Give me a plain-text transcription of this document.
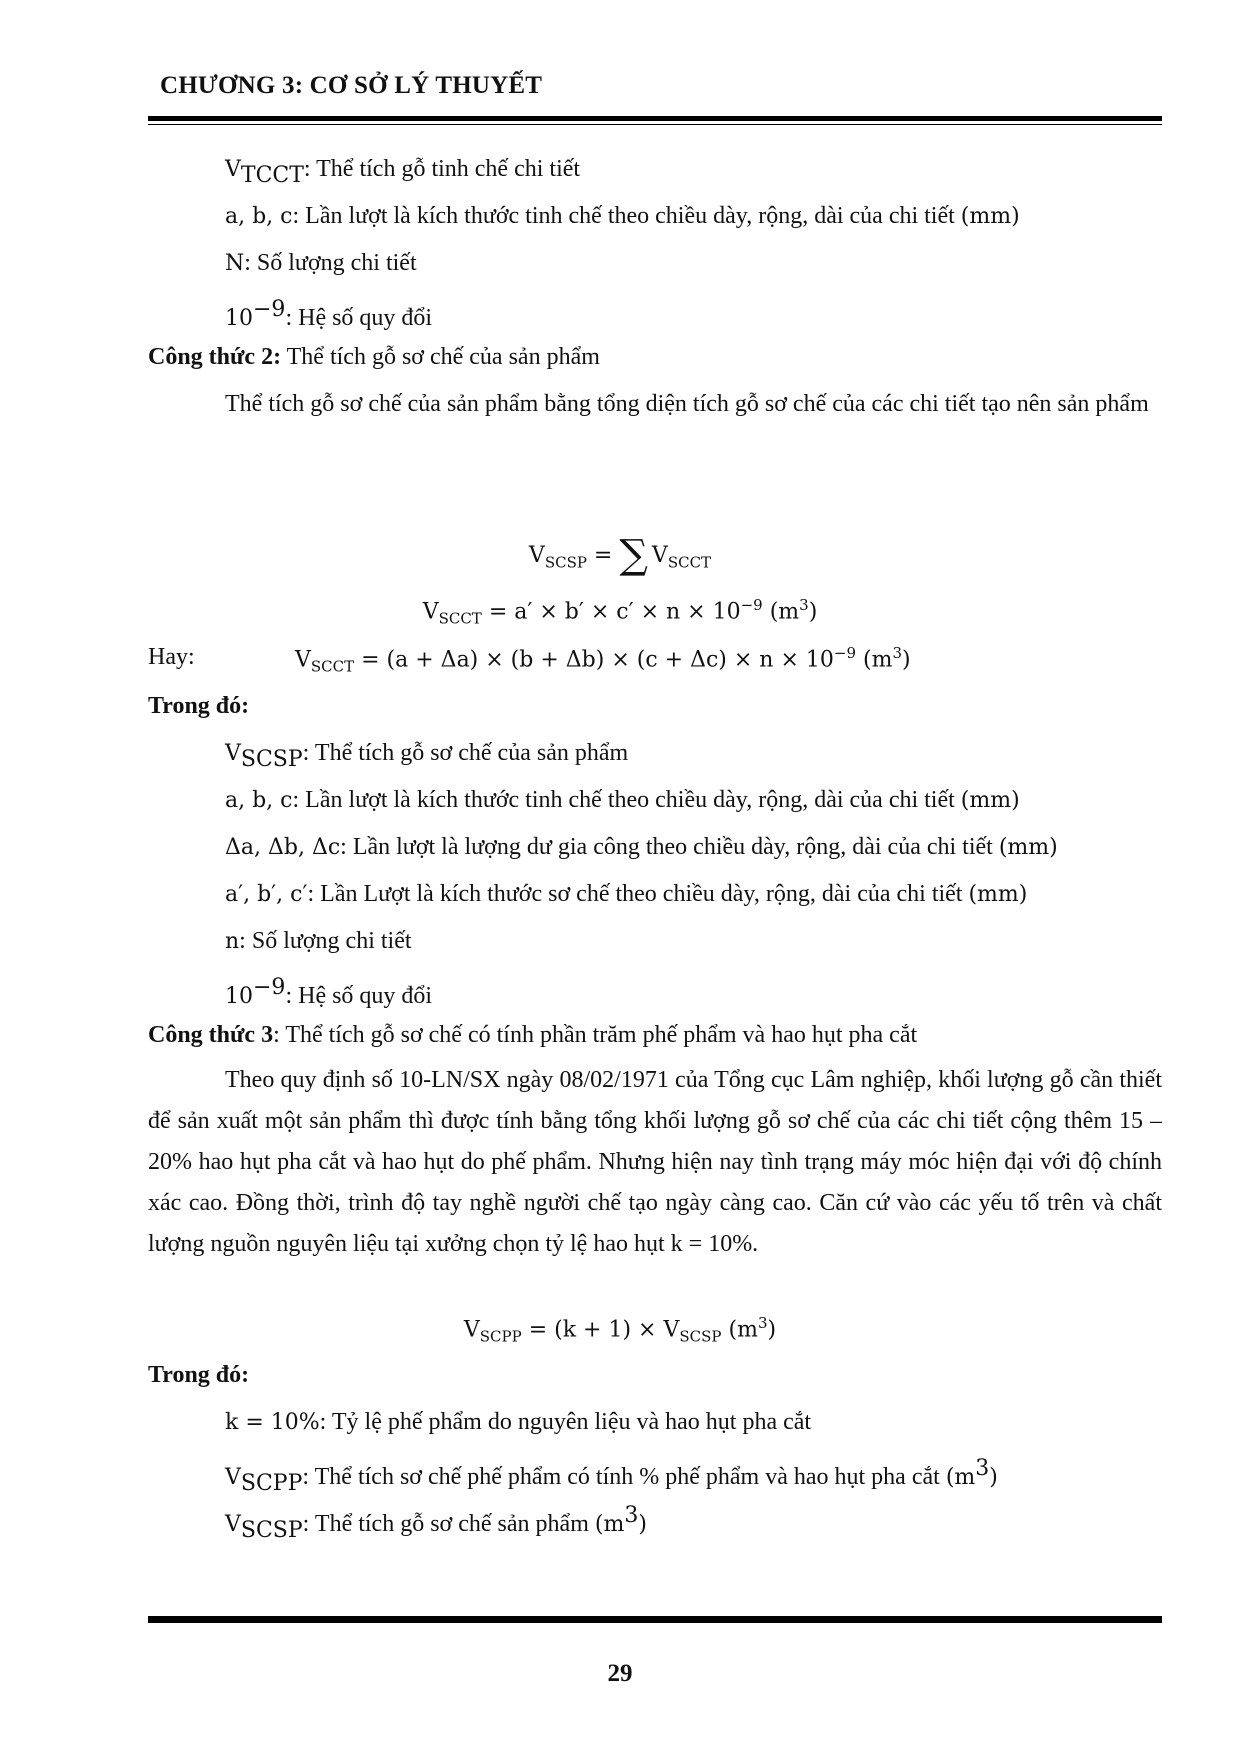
CHƯƠNG 3: CƠ SỞ LÝ THUYẾT
$V_{TCCT}$: Thể tích gỗ tinh chế chi tiết
a, b, c: Lần lượt là kích thước tinh chế theo chiều dày, rộng, dài của chi tiết (mm)
N: Số lượng chi tiết
$10^{-9}$: Hệ số quy đổi
Công thức 2: Thể tích gỗ sơ chế của sản phẩm
Thể tích gỗ sơ chế của sản phẩm bằng tổng diện tích gỗ sơ chế của các chi tiết tạo nên sản phẩm
$V_{SCSP}$ = ∑ $V_{SCCT}$
$V_{SCCT} = a' \times b' \times c' \times n \times 10^{-9}$ $(m^3)$
Hay:	$V_{SCCT} = (a + \Delta a) \times (b + \Delta b) \times (c + \Delta c) \times n \times 10^{-9}$ $(m^3)$
Trong đó:
$V_{SCSP}$: Thể tích gỗ sơ chế của sản phẩm
a, b, c: Lần lượt là kích thước tinh chế theo chiều dày, rộng, dài của chi tiết (mm)
Δa, Δb, Δc: Lần lượt là lượng dư gia công theo chiều dày, rộng, dài của chi tiết (mm)
a′, b′, c′: Lần Lượt là kích thước sơ chế theo chiều dày, rộng, dài của chi tiết (mm)
n: Số lượng chi tiết
$10^{-9}$: Hệ số quy đổi
Công thức 3: Thể tích gỗ sơ chế có tính phần trăm phế phẩm và hao hụt pha cắt
Theo quy định số 10-LN/SX ngày 08/02/1971 của Tổng cục Lâm nghiệp, khối lượng gỗ cần thiết để sản xuất một sản phẩm thì được tính bằng tổng khối lượng gỗ sơ chế của các chi tiết cộng thêm 15 – 20% hao hụt pha cắt và hao hụt do phế phẩm. Nhưng hiện nay tình trạng máy móc hiện đại với độ chính xác cao. Đồng thời, trình độ tay nghề người chế tạo ngày càng cao. Căn cứ vào các yếu tố trên và chất lượng nguồn nguyên liệu tại xưởng chọn tỷ lệ hao hụt k = 10%.
$V_{SCPP} = (k + 1) \times V_{SCSP}$ $(m^3)$
Trong đó:
k = 10%: Tỷ lệ phế phẩm do nguyên liệu và hao hụt pha cắt
$V_{SCPP}$: Thể tích sơ chế phế phẩm có tính % phế phẩm và hao hụt pha cắt $(m^3)$
$V_{SCSP}$: Thể tích gỗ sơ chế sản phẩm $(m^3)$
29
